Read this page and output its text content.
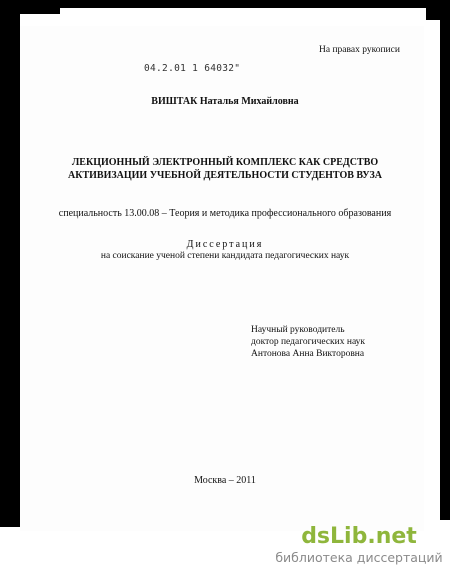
На правах рукописи
04.2.01 1 64032"
ВИШТАК Наталья Михайловна
ЛЕКЦИОННЫЙ ЭЛЕКТРОННЫЙ КОМПЛЕКС КАК СРЕДСТВО
АКТИВИЗАЦИИ УЧЕБНОЙ ДЕЯТЕЛЬНОСТИ СТУДЕНТОВ ВУЗА
специальность 13.00.08 – Теория и методика профессионального образования
Диссертация
на соискание ученой степени кандидата педагогических наук
Научный руководитель
доктор педагогических наук
Антонова Анна Викторовна
Москва – 2011
dsLib.net
библиотека диссертаций
